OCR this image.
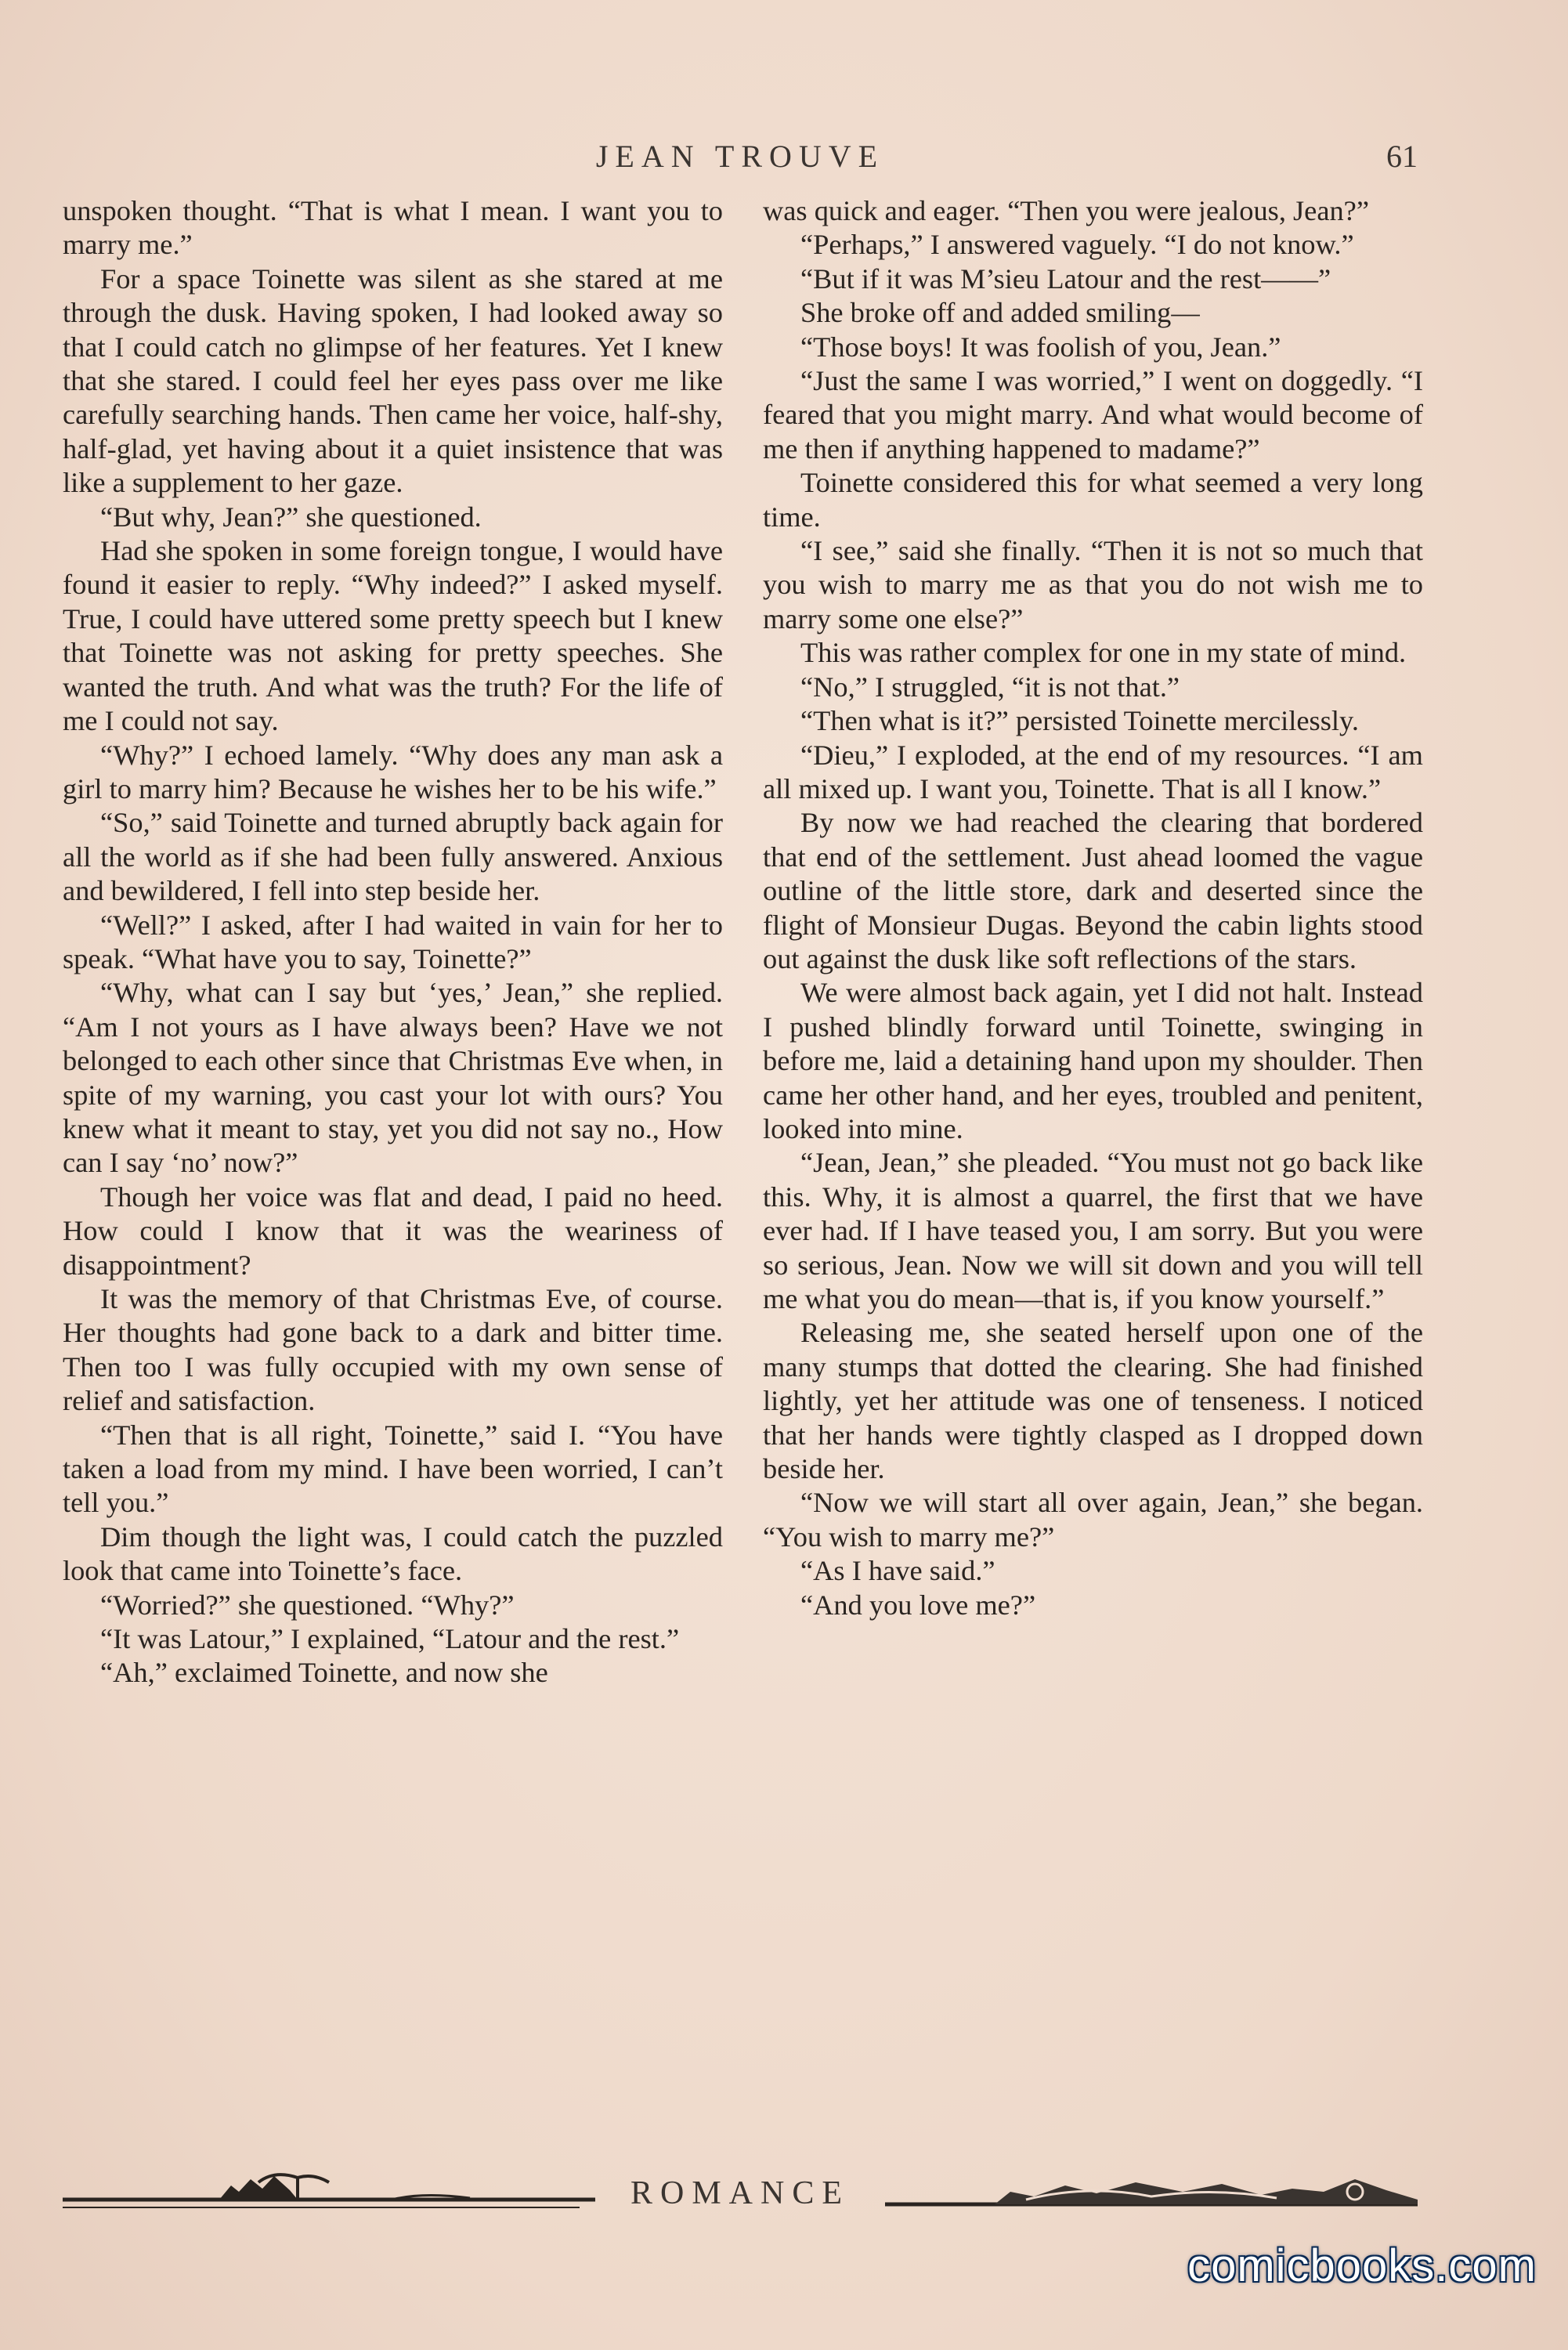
JEAN TROUVE	61

unspoken thought. “That is what I mean. I want you to marry me.”

For a space Toinette was silent as she stared at me through the dusk. Having spoken, I had looked away so that I could catch no glimpse of her features. Yet I knew that she stared. I could feel her eyes pass over me like carefully searching hands. Then came her voice, half-shy, half-glad, yet having about it a quiet insistence that was like a supplement to her gaze.

“But why, Jean?” she questioned.

Had she spoken in some foreign tongue, I would have found it easier to reply. “Why indeed?” I asked myself. True, I could have uttered some pretty speech but I knew that Toinette was not asking for pretty speeches. She wanted the truth. And what was the truth? For the life of me I could not say.

“Why?” I echoed lamely. “Why does any man ask a girl to marry him? Because he wishes her to be his wife.”

“So,” said Toinette and turned abruptly back again for all the world as if she had been fully answered. Anxious and bewildered, I fell into step beside her.

“Well?” I asked, after I had waited in vain for her to speak. “What have you to say, Toinette?”

“Why, what can I say but ‘yes,’ Jean,” she replied. “Am I not yours as I have always been? Have we not belonged to each other since that Christmas Eve when, in spite of my warning, you cast your lot with ours? You knew what it meant to stay, yet you did not say no., How can I say ‘no’ now?”

Though her voice was flat and dead, I paid no heed. How could I know that it was the weariness of disappointment?

It was the memory of that Christmas Eve, of course. Her thoughts had gone back to a dark and bitter time. Then too I was fully occupied with my own sense of relief and satisfaction.

“Then that is all right, Toinette,” said I. “You have taken a load from my mind. I have been worried, I can’t tell you.”

Dim though the light was, I could catch the puzzled look that came into Toinette’s face.

“Worried?” she questioned. “Why?”

“It was Latour,” I explained, “Latour and the rest.”

“Ah,” exclaimed Toinette, and now she

was quick and eager. “Then you were jealous, Jean?”

“Perhaps,” I answered vaguely. “I do not know.”

“But if it was M’sieu Latour and the rest——”

She broke off and added smiling—

“Those boys! It was foolish of you, Jean.”

“Just the same I was worried,” I went on doggedly. “I feared that you might marry. And what would become of me then if anything happened to madame?”

Toinette considered this for what seemed a very long time.

“I see,” said she finally. “Then it is not so much that you wish to marry me as that you do not wish me to marry some one else?”

This was rather complex for one in my state of mind.

“No,” I struggled, “it is not that.”

“Then what is it?” persisted Toinette mercilessly.

“Dieu,” I exploded, at the end of my resources. “I am all mixed up. I want you, Toinette. That is all I know.”

By now we had reached the clearing that bordered that end of the settlement. Just ahead loomed the vague outline of the little store, dark and deserted since the flight of Monsieur Dugas. Beyond the cabin lights stood out against the dusk like soft reflections of the stars.

We were almost back again, yet I did not halt. Instead I pushed blindly forward until Toinette, swinging in before me, laid a detaining hand upon my shoulder. Then came her other hand, and her eyes, troubled and penitent, looked into mine.

“Jean, Jean,” she pleaded. “You must not go back like this. Why, it is almost a quarrel, the first that we have ever had. If I have teased you, I am sorry. But you were so serious, Jean. Now we will sit down and you will tell me what you do mean—that is, if you know yourself.”

Releasing me, she seated herself upon one of the many stumps that dotted the clearing. She had finished lightly, yet her attitude was one of tenseness. I noticed that her hands were tightly clasped as I dropped down beside her.

“Now we will start all over again, Jean,” she began. “You wish to marry me?”

“As I have said.”

“And you love me?”

ROMANCE
comicbooks.com
